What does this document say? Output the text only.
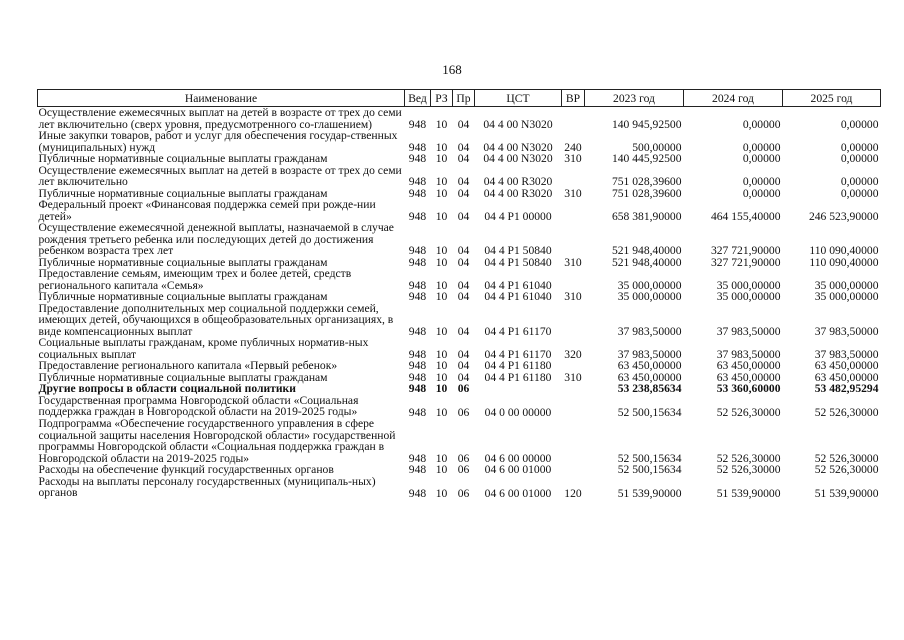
168
Наименование	Вед	РЗ	Пр	ЦСТ	ВР	2023 год	2024 год	2025 год
Осуществление ежемесячных выплат на детей в возрасте от трех до семи лет включительно (сверх уровня, предусмотренного со-глашением)	948	10	04	04 4 00 N3020		140 945,92500	0,00000	0,00000
Иные закупки товаров, работ и услуг для обеспечения государ-ственных (муниципальных) нужд	948	10	04	04 4 00 N3020	240	500,00000	0,00000	0,00000
Публичные нормативные социальные выплаты гражданам	948	10	04	04 4 00 N3020	310	140 445,92500	0,00000	0,00000
Осуществление ежемесячных выплат на детей в возрасте от трех до семи лет включительно	948	10	04	04 4 00 R3020		751 028,39600	0,00000	0,00000
Публичные нормативные социальные выплаты гражданам	948	10	04	04 4 00 R3020	310	751 028,39600	0,00000	0,00000
Федеральный проект «Финансовая поддержка семей при рожде-нии детей»	948	10	04	04 4 P1 00000		658 381,90000	464 155,40000	246 523,90000
Осуществление ежемесячной денежной выплаты, назначаемой в случае рождения третьего ребенка или последующих детей до достижения ребенком возраста трех лет	948	10	04	04 4 P1 50840		521 948,40000	327 721,90000	110 090,40000
Публичные нормативные социальные выплаты гражданам	948	10	04	04 4 P1 50840	310	521 948,40000	327 721,90000	110 090,40000
Предоставление семьям, имеющим трех и более детей, средств регионального капитала «Семья»	948	10	04	04 4 P1 61040		35 000,00000	35 000,00000	35 000,00000
Публичные нормативные социальные выплаты гражданам	948	10	04	04 4 P1 61040	310	35 000,00000	35 000,00000	35 000,00000
Предоставление дополнительных мер социальной поддержки семей, имеющих детей, обучающихся в общеобразовательных организациях, в виде компенсационных выплат	948	10	04	04 4 P1 61170		37 983,50000	37 983,50000	37 983,50000
Социальные выплаты гражданам, кроме публичных норматив-ных социальных выплат	948	10	04	04 4 P1 61170	320	37 983,50000	37 983,50000	37 983,50000
Предоставление регионального капитала «Первый ребенок»	948	10	04	04 4 P1 61180		63 450,00000	63 450,00000	63 450,00000
Публичные нормативные социальные выплаты гражданам	948	10	04	04 4 P1 61180	310	63 450,00000	63 450,00000	63 450,00000
Другие вопросы в области социальной политики	948	10	06			53 238,85634	53 360,60000	53 482,95294
Государственная программа Новгородской области «Социальная поддержка граждан в Новгородской области на 2019-2025 годы»	948	10	06	04 0 00 00000		52 500,15634	52 526,30000	52 526,30000
Подпрограмма «Обеспечение государственного управления в сфере социальной защиты населения Новгородской области» государственной программы Новгородской области «Социальная поддержка граждан в Новгородской области на 2019-2025 годы»	948	10	06	04 6 00 00000		52 500,15634	52 526,30000	52 526,30000
Расходы на обеспечение функций государственных органов	948	10	06	04 6 00 01000		52 500,15634	52 526,30000	52 526,30000
Расходы на выплаты персоналу государственных (муниципаль-ных) органов	948	10	06	04 6 00 01000	120	51 539,90000	51 539,90000	51 539,90000
